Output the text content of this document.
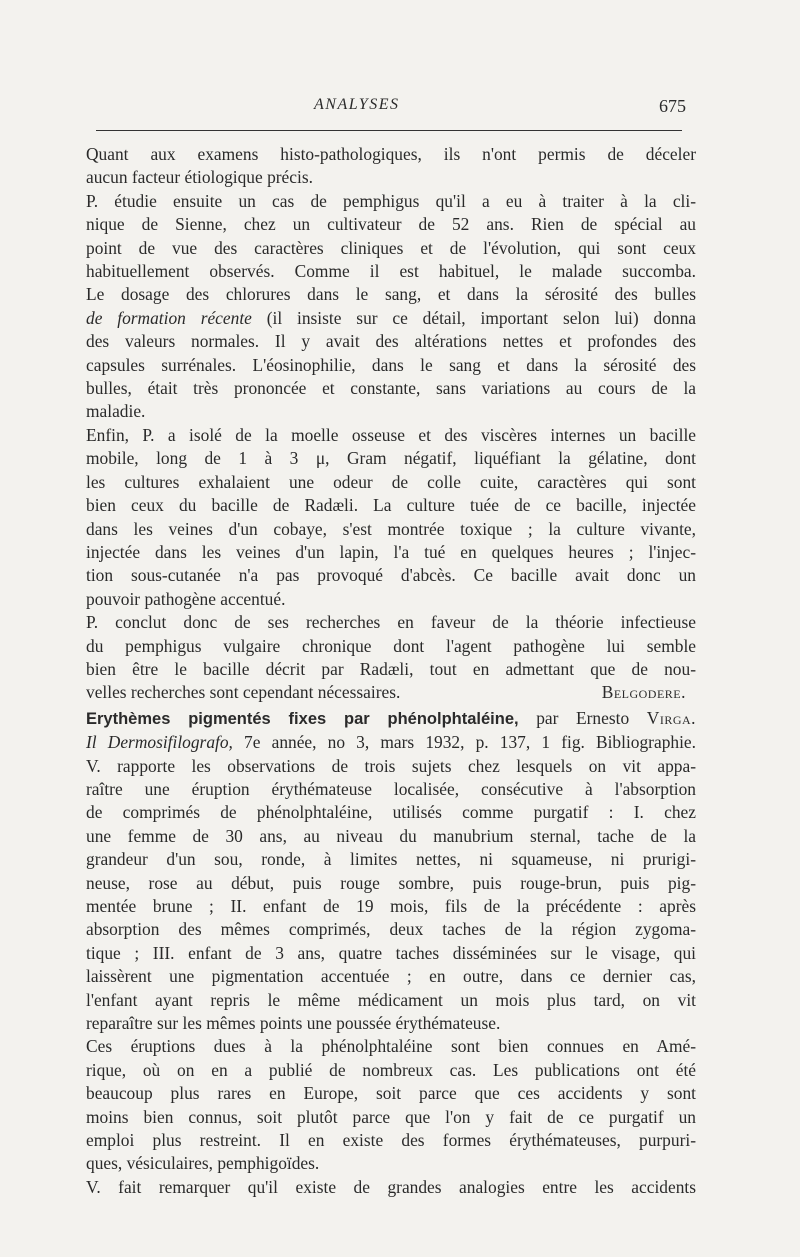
ANALYSES	675
Quant aux examens histo-pathologiques, ils n'ont permis de déceler
aucun facteur étiologique précis.
P. étudie ensuite un cas de pemphigus qu'il a eu à traiter à la cli-
nique de Sienne, chez un cultivateur de 52 ans. Rien de spécial au
point de vue des caractères cliniques et de l'évolution, qui sont ceux
habituellement observés. Comme il est habituel, le malade succomba.
Le dosage des chlorures dans le sang, et dans la sérosité des bulles
de formation récente (il insiste sur ce détail, important selon lui) donna
des valeurs normales. Il y avait des altérations nettes et profondes des
capsules surrénales. L'éosinophilie, dans le sang et dans la sérosité des
bulles, était très prononcée et constante, sans variations au cours de la
maladie.
Enfin, P. a isolé de la moelle osseuse et des viscères internes un bacille
mobile, long de 1 à 3 μ, Gram négatif, liquéfiant la gélatine, dont
les cultures exhalaient une odeur de colle cuite, caractères qui sont
bien ceux du bacille de Radæli. La culture tuée de ce bacille, injectée
dans les veines d'un cobaye, s'est montrée toxique ; la culture vivante,
injectée dans les veines d'un lapin, l'a tué en quelques heures ; l'injec-
tion sous-cutanée n'a pas provoqué d'abcès. Ce bacille avait donc un
pouvoir pathogène accentué.
P. conclut donc de ses recherches en faveur de la théorie infectieuse
du pemphigus vulgaire chronique dont l'agent pathogène lui semble
bien être le bacille décrit par Radæli, tout en admettant que de nou-
velles recherches sont cependant nécessaires.	Belgodere.
Erythèmes pigmentés fixes par phénolphtaléine, par Ernesto Virga.
Il Dermosifilografo, 7e année, no 3, mars 1932, p. 137, 1 fig. Bibliographie.
V. rapporte les observations de trois sujets chez lesquels on vit appa-
raître une éruption érythémateuse localisée, consécutive à l'absorption
de comprimés de phénolphtaléine, utilisés comme purgatif : I. chez
une femme de 30 ans, au niveau du manubrium sternal, tache de la
grandeur d'un sou, ronde, à limites nettes, ni squameuse, ni prurigi-
neuse, rose au début, puis rouge sombre, puis rouge-brun, puis pig-
mentée brune ; II. enfant de 19 mois, fils de la précédente : après
absorption des mêmes comprimés, deux taches de la région zygoma-
tique ; III. enfant de 3 ans, quatre taches disséminées sur le visage, qui
laissèrent une pigmentation accentuée ; en outre, dans ce dernier cas,
l'enfant ayant repris le même médicament un mois plus tard, on vit
reparaître sur les mêmes points une poussée érythémateuse.
Ces éruptions dues à la phénolphtaléine sont bien connues en Amé-
rique, où on en a publié de nombreux cas. Les publications ont été
beaucoup plus rares en Europe, soit parce que ces accidents y sont
moins bien connus, soit plutôt parce que l'on y fait de ce purgatif un
emploi plus restreint. Il en existe des formes érythémateuses, purpuri-
ques, vésiculaires, pemphigoïdes.
V. fait remarquer qu'il existe de grandes analogies entre les accidents
